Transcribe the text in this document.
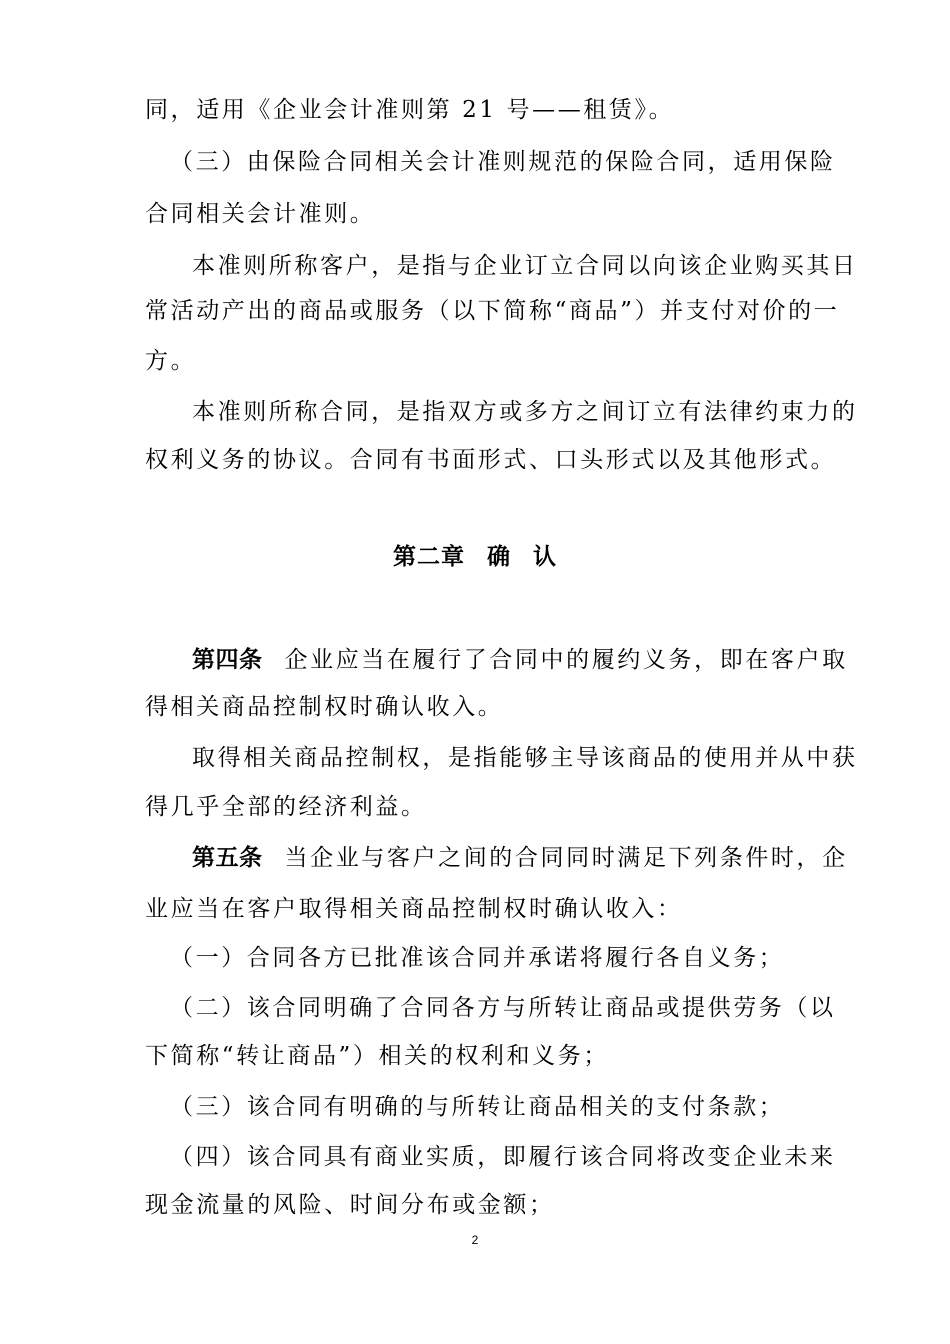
同，适用《企业会计准则第 21 号——租赁》。
（三）由保险合同相关会计准则规范的保险合同，适用保险
合同相关会计准则。
本准则所称客户，是指与企业订立合同以向该企业购买其日
常活动产出的商品或服务（以下简称“商品”）并支付对价的一
方。
本准则所称合同，是指双方或多方之间订立有法律约束力的
权利义务的协议。合同有书面形式、口头形式以及其他形式。
第二章 确 认
第四条 企业应当在履行了合同中的履约义务，即在客户取
得相关商品控制权时确认收入。
取得相关商品控制权，是指能够主导该商品的使用并从中获
得几乎全部的经济利益。
第五条 当企业与客户之间的合同同时满足下列条件时，企
业应当在客户取得相关商品控制权时确认收入：
（一）合同各方已批准该合同并承诺将履行各自义务；
（二）该合同明确了合同各方与所转让商品或提供劳务（以
下简称“转让商品”）相关的权利和义务；
（三）该合同有明确的与所转让商品相关的支付条款；
（四）该合同具有商业实质，即履行该合同将改变企业未来
现金流量的风险、时间分布或金额；
2
